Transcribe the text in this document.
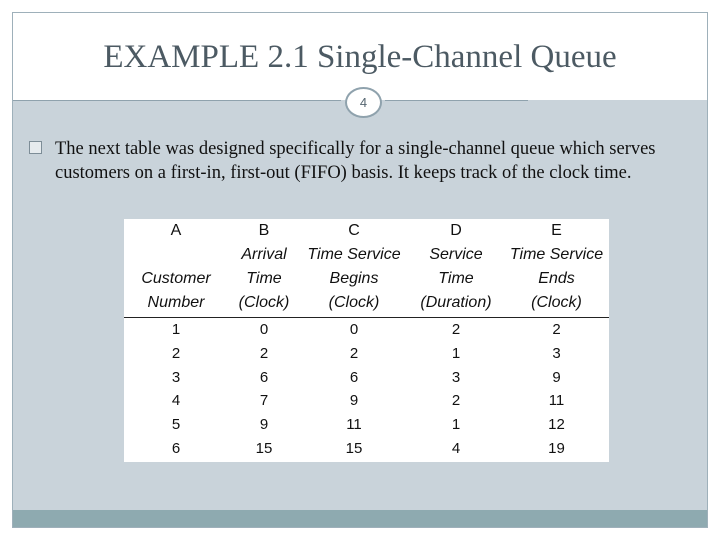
EXAMPLE 2.1 Single-Channel Queue
4
The next table was designed specifically for a single-channel queue which serves customers on a first-in, first-out (FIFO) basis. It keeps track of the clock time.
A	B	C	D	E
	Arrival	Time Service	Service	Time Service
Customer	Time	Begins	Time	Ends
Number	(Clock)	(Clock)	(Duration)	(Clock)
1	0	0	2	2
2	2	2	1	3
3	6	6	3	9
4	7	9	2	11
5	9	11	1	12
6	15	15	4	19
